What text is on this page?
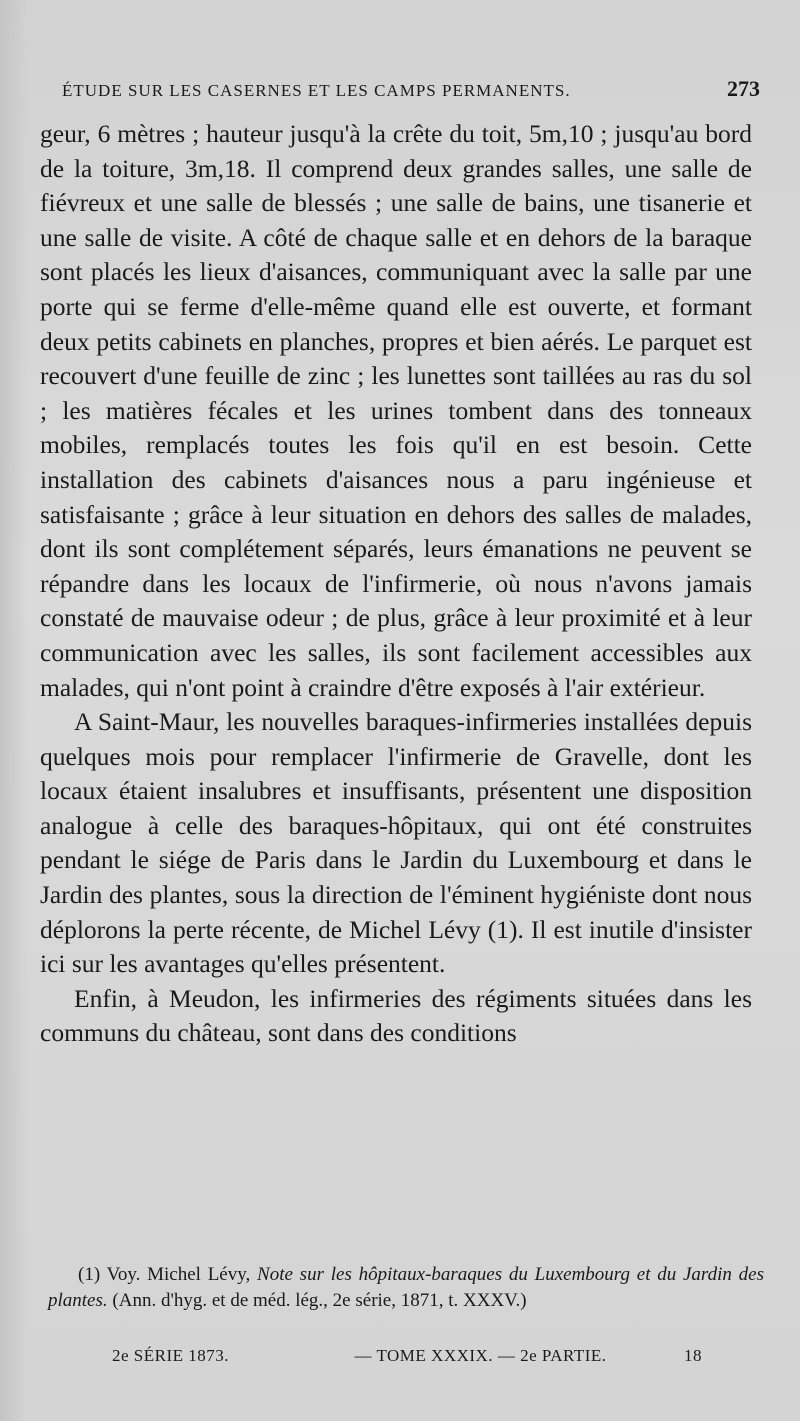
ÉTUDE SUR LES CASERNES ET LES CAMPS PERMANENTS.	273

geur, 6 mètres ; hauteur jusqu'à la crête du toit, 5m,10 ; jusqu'au bord de la toiture, 3m,18. Il comprend deux grandes salles, une salle de fiévreux et une salle de blessés ; une salle de bains, une tisanerie et une salle de visite. A côté de chaque salle et en dehors de la baraque sont placés les lieux d'aisances, communiquant avec la salle par une porte qui se ferme d'elle-même quand elle est ouverte, et formant deux petits cabinets en planches, propres et bien aérés. Le parquet est recouvert d'une feuille de zinc ; les lunettes sont taillées au ras du sol ; les matières fécales et les urines tombent dans des tonneaux mobiles, remplacés toutes les fois qu'il en est besoin. Cette installation des cabinets d'aisances nous a paru ingénieuse et satisfaisante ; grâce à leur situation en dehors des salles de malades, dont ils sont complétement séparés, leurs émanations ne peuvent se répandre dans les locaux de l'infirmerie, où nous n'avons jamais constaté de mauvaise odeur ; de plus, grâce à leur proximité et à leur communication avec les salles, ils sont facilement accessibles aux malades, qui n'ont point à craindre d'être exposés à l'air extérieur.

A Saint-Maur, les nouvelles baraques-infirmeries installées depuis quelques mois pour remplacer l'infirmerie de Gravelle, dont les locaux étaient insalubres et insuffisants, présentent une disposition analogue à celle des baraques-hôpitaux, qui ont été construites pendant le siége de Paris dans le Jardin du Luxembourg et dans le Jardin des plantes, sous la direction de l'éminent hygiéniste dont nous déplorons la perte récente, de Michel Lévy (1). Il est inutile d'insister ici sur les avantages qu'elles présentent.

Enfin, à Meudon, les infirmeries des régiments situées dans les communs du château, sont dans des conditions

(1) Voy. Michel Lévy, Note sur les hôpitaux-baraques du Luxembourg et du Jardin des plantes. (Ann. d'hyg. et de méd. lég., 2e série, 1871, t. XXXV.)
2e SÉRIE 1873.	— TOME XXXIX. — 2e PARTIE.	18
